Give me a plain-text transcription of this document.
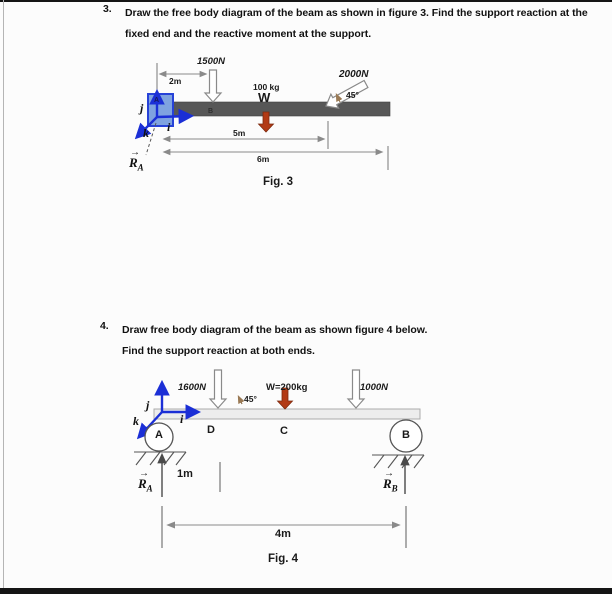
3. Draw the free body diagram of the beam as shown in figure 3. Find the support reaction at the
fixed end and the reactive moment at the support.
4. Draw free body diagram of the beam as shown figure 4 below.
Find the support reaction at both ends.
1500N
2m
100 kg
W
2000N
45°
A
B
j
k i	5m
6m
→
$R_A$
Fig. 3
1600N
45°
W=200kg	1000N
D	C
A	B
j
k	i
1m
→
$R_A$
→
$R_B$
4m
Fig. 4
